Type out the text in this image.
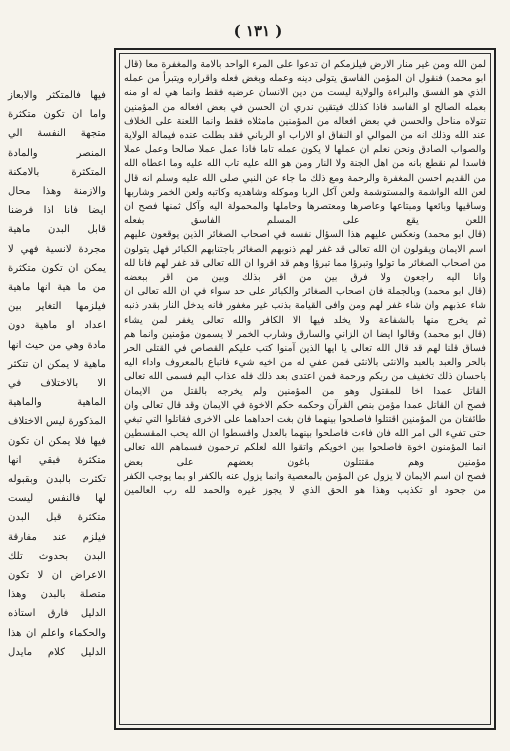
( ١٣١ )

لمن الله ومن غير منار الارض فيلزمكم ان تدعوا على المرء الواحد بالامة والمغفرة معا (قال ابو محمد) فنقول ان المؤمن الفاسق يتولى دينه وعمله وبغض فعله واقراره ويتبرأ من عمله الذي هو الفسق والبراءة والولاية ليست من دين الانسان عرضيه فقط وانما هي له او منه بعمله الصالح او الفاسد فاذا كذلك فيتقين ندري ان الحسن في بعض افعاله من المؤمنين تتولاه مناحل والحسن في بعض افعاله من المؤمنين مامثلاه فقط وانما اللعنة على الخلاف عند الله وذلك انه من الموالي او النفاق او الاراب او الرباني فقد بطلت عنده فيمالة الولاية والصواب الصادق ونحن نعلم ان عملها لا يكون عمله تاما فاذا عمل عملا صالحا وعمل عملا فاسدا لم نقطع بانه من اهل الجنة ولا النار ومن هو الله عليه تاب الله عليه وما اعطاه الله من القديم احسن المغفرة والرحمة ومع ذلك ما جاء عن النبي صلى الله عليه وسلم انه قال لعن الله الواشمة والمستوشمة ولعن آكل الربا وموكله وشاهديه وكاتبه ولعن الخمر وشاربها وساقيها وبائعها ومبتاعها وعاصرها ومعتصرها وحاملها والمحمولة اليه وآكل ثمنها فصح ان اللعن يقع على المسلم الفاسق بفعله

(قال ابو محمد) ونعكس عليهم هذا السؤال نفسه في اصحاب الصغائر الذين يوقعون عليهم اسم الايمان ويقولون ان الله تعالى قد غفر لهم ذنوبهم الصغائر باجتنابهم الكبائر فهل يتولون من اصحاب الصغائر ما تولوا وتبرؤا مما تبرؤا وهم قد اقروا ان الله تعالى قد غفر لهم فانا لله وانا اليه راجعون ولا فرق بين من اقر بذلك وبين من اقر ببعضه

(قال ابو محمد) وبالجملة فان اصحاب الصغائر والكبائر على حد سواء في ان الله تعالى ان شاء عذبهم وان شاء غفر لهم ومن وافى القيامة بذنب غير مغفور فانه يدخل النار بقدر ذنبه ثم يخرج منها بالشفاعة ولا يخلد فيها الا الكافر والله تعالى يغفر لمن يشاء

(قال ابو محمد) وقالوا ايضا ان الزاني والسارق وشارب الخمر لا يسمون مؤمنين وانما هم فساق قلنا لهم قد قال الله تعالى يا ايها الذين آمنوا كتب عليكم القصاص في القتلى الحر بالحر والعبد بالعبد والانثى بالانثى فمن عفي له من اخيه شيء فاتباع بالمعروف واداء اليه باحسان ذلك تخفيف من ربكم ورحمة فمن اعتدى بعد ذلك فله عذاب اليم فسمى الله تعالى القاتل عمدا اخا للمقتول وهو من المؤمنين ولم يخرجه بالقتل من الايمان

فصح ان القاتل عمدا مؤمن بنص القرآن وحكمه حكم الاخوة في الايمان وقد قال تعالى وان طائفتان من المؤمنين اقتتلوا فاصلحوا بينهما فان بغت احداهما على الاخرى فقاتلوا التي تبغي حتى تفيء الى امر الله فان فاءت فاصلحوا بينهما بالعدل واقسطوا ان الله يحب المقسطين انما المؤمنون اخوة فاصلحوا بين اخويكم واتقوا الله لعلكم ترحمون فسماهم الله تعالى مؤمنين وهم مقتتلون باغون بعضهم على بعض

فصح ان اسم الايمان لا يزول عن المؤمن بالمعصية وانما يزول عنه بالكفر او بما يوجب الكفر من جحود او تكذيب وهذا هو الحق الذي لا يجوز غيره والحمد لله رب العالمين

فيها فالمتكثر والابعاز واما ان تكون متكثرة متجهة النفسة الي المنصر والمادة المتكثرة بالامكنة والازمنة وهذا محال ايضا فانا اذا فرضنا قابل البدن ماهية مجردة لانسية فهي لا يمكن ان تكون متكثرة من ما هية انها ماهية فيلزمها التغاير بين اعداد او ماهية دون مادة وهي من حيث انها ماهية لا يمكن ان تتكثر الا بالاختلاف في الماهية والماهية المذكورة ليس الاختلاف فيها فلا يمكن ان تكون متكثرة فبقي انها تكثرت بالبدن وبقبوله لها فالنفس ليست متكثرة قبل البدن فيلزم عند مفارقة البدن بحدوث تلك الاعراض ان لا تكون متصلة بالبدن وهذا الدليل فارق استاذه والحكماء واعلم ان هذا الدليل كلام مايدل
